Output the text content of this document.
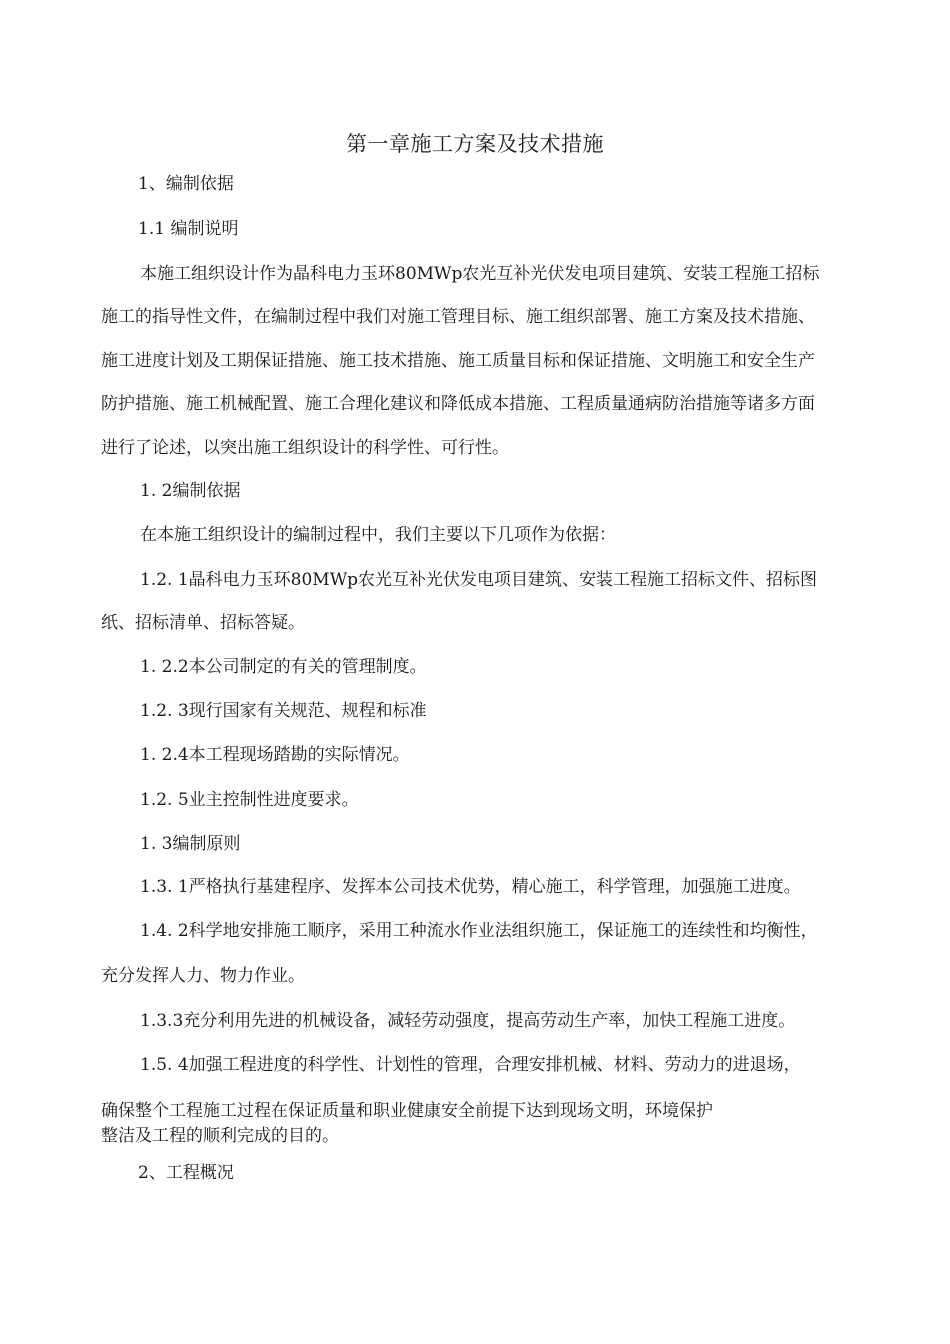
第一章施工方案及技术措施
1、编制依据
1.1 编制说明
本施工组织设计作为晶科电力玉环80MWp农光互补光伏发电项目建筑、安装工程施工招标
施工的指导性文件，在编制过程中我们对施工管理目标、施工组织部署、施工方案及技术措施、
施工进度计划及工期保证措施、施工技术措施、施工质量目标和保证措施、文明施工和安全生产
防护措施、施工机械配置、施工合理化建议和降低成本措施、工程质量通病防治措施等诸多方面
进行了论述，以突出施工组织设计的科学性、可行性。
1. 2编制依据
在本施工组织设计的编制过程中，我们主要以下几项作为依据：
1.2. 1晶科电力玉环80MWp农光互补光伏发电项目建筑、安装工程施工招标文件、招标图
纸、招标清单、招标答疑。
1. 2.2本公司制定的有关的管理制度。
1.2. 3现行国家有关规范、规程和标准
1. 2.4本工程现场踏勘的实际情况。
1.2. 5业主控制性进度要求。
1. 3编制原则
1.3. 1严格执行基建程序、发挥本公司技术优势，精心施工，科学管理，加强施工进度。
1.4. 2科学地安排施工顺序，采用工种流水作业法组织施工，保证施工的连续性和均衡性，
充分发挥人力、物力作业。
1.3.3充分利用先进的机械设备，减轻劳动强度，提高劳动生产率，加快工程施工进度。
1.5. 4加强工程进度的科学性、计划性的管理，合理安排机械、材料、劳动力的进退场，
确保整个工程施工过程在保证质量和职业健康安全前提下达到现场文明，环境保护
整洁及工程的顺利完成的目的。
2、工程概况
